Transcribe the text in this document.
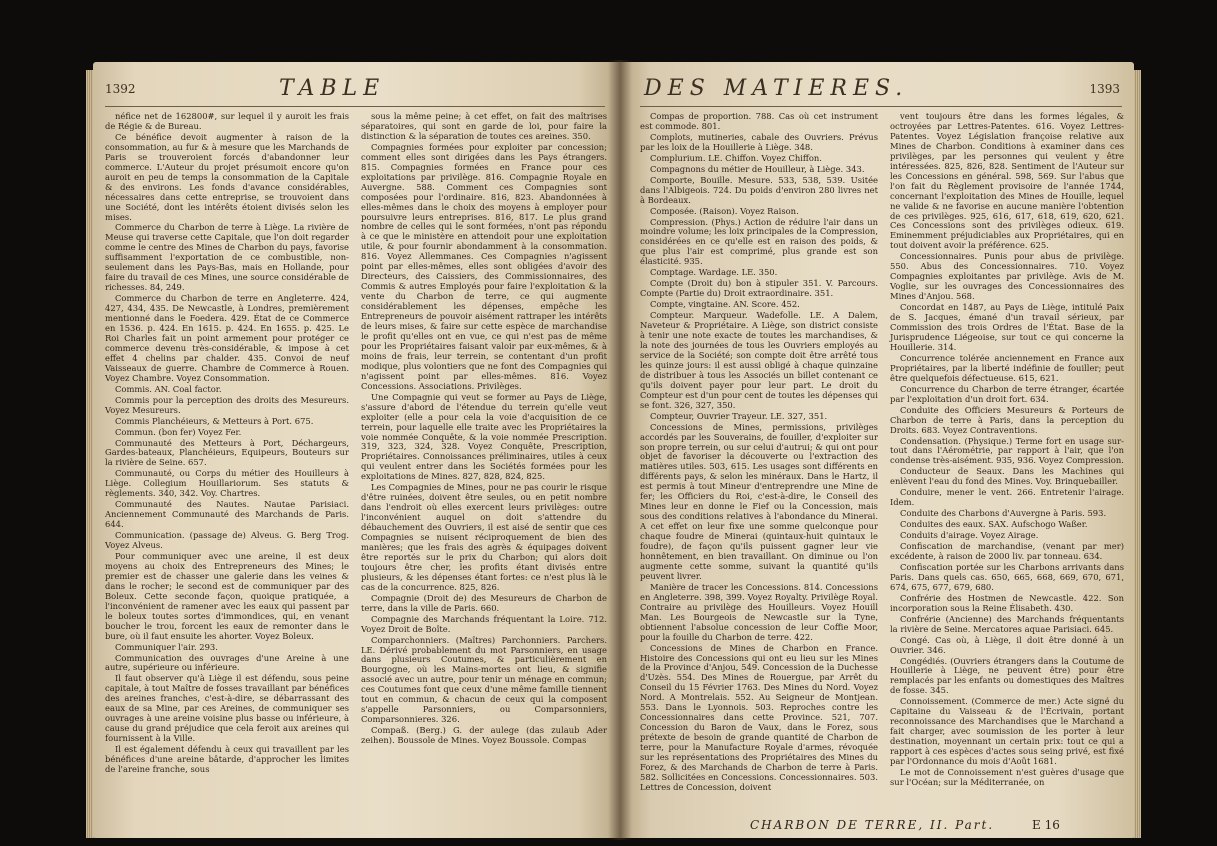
1392	TABLE

néfice net de 162800#, sur lequel il y auroit les frais de Régie & de Bureau.

Ce bénéfice devoit augmenter à raison de la consommation, au fur & à mesure que les Marchands de Paris se trouveroient forcés d'abandonner leur commerce. L'Auteur du projet présumoit encore qu'on auroit en peu de temps la consommation de la Capitale & des environs. Les fonds d'avance considérables, nécessaires dans cette entreprise, se trouvoient dans une Société, dont les intérêts étoient divisés selon les mises.

Commerce du Charbon de terre à Liège. La rivière de Meuse qui traverse cette Capitale, que l'on doit regarder comme le centre des Mines de Charbon du pays, favorise suffisamment l'exportation de ce combustible, non-seulement dans les Pays-Bas, mais en Hollande, pour faire du travail de ces Mines, une source considérable de richesses. 84, 249.

Commerce du Charbon de terre en Angleterre. 424, 427, 434, 435. De Newcastle, à Londres, premièrement mentionné dans le Foedera. 429. État de ce Commerce en 1536. p. 424. En 1615. p. 424. En 1655. p. 425. Le Roi Charles fait un point armement pour protéger ce commerce devenu très-considérable, & impose à cet effet 4 chelins par chalder. 435. Convoi de neuf Vaisseaux de guerre. Chambre de Commerce à Rouen. Voyez Chambre. Voyez Consommation.

Commis. AN. Coal factor.

Commis pour la perception des droits des Mesureurs. Voyez Mesureurs.

Commis Planchéieurs, & Metteurs à Port. 675.

Commun. (bon fer) Voyez Fer.

Communauté des Metteurs à Port, Déchargeurs, Gardes-bateaux, Planchéieurs, Equipeurs, Bouteurs sur la rivière de Seine. 657.

Communauté, ou Corps du métier des Houilleurs à Liège. Collegium Houillariorum. Ses statuts & règlements. 340, 342. Voy. Chartres.

Communauté des Nautes. Nautae Parisiaci. Anciennement Communauté des Marchands de Paris. 644.

Communication. (passage de) Alveus. G. Berg Trog. Voyez Alveus.

Pour communiquer avec une areine, il est deux moyens au choix des Entrepreneurs des Mines; le premier est de chasser une galerie dans les veines & dans le rocher; le second est de communiquer par des Boleux. Cette seconde façon, quoique pratiquée, a l'inconvénient de ramener avec les eaux qui passent par le boleux toutes sortes d'immondices, qui, en venant boucher le trou, forcent les eaux de remonter dans le bure, où il faut ensuite les ahorter. Voyez Boleux.

Communiquer l'air. 293.

Communication des ouvrages d'une Areine à une autre, supérieure ou inférieure.

Il faut observer qu'à Liège il est défendu, sous peine capitale, à tout Maître de fosses travaillant par bénéfices des areines franches, c'est-à-dire, se débarrassant des eaux de sa Mine, par ces Areines, de communiquer ses ouvrages à une areine voisine plus basse ou inférieure, à cause du grand préjudice que cela feroit aux areines qui fournissent à la Ville.

Il est également défendu à ceux qui travaillent par les bénéfices d'une areine bâtarde, d'approcher les limites de l'areine franche, sous

sous la même peine; à cet effet, on fait des maîtrises séparatoires, qui sont en garde de loi, pour faire la distinction & la séparation de toutes ces areines. 350.

Compagnies formées pour exploiter par concession; comment elles sont dirigées dans les Pays étrangers. 815. Compagnies formées en France pour ces exploitations par privilège. 816. Compagnie Royale en Auvergne. 588. Comment ces Compagnies sont composées pour l'ordinaire. 816, 823. Abandonnées à elles-mêmes dans le choix des moyens à employer pour poursuivre leurs entreprises. 816, 817. Le plus grand nombre de celles qui le sont formées, n'ont pas répondu à ce que le ministère en attendoit pour une exploitation utile, & pour fournir abondamment à la consommation. 816. Voyez Allemmanes. Ces Compagnies n'agissent point par elles-mêmes, elles sont obligées d'avoir des Directeurs, des Caissiers, des Commissionnaires, des Commis & autres Employés pour faire l'exploitation & la vente du Charbon de terre, ce qui augmente considérablement les dépenses, empêche les Entrepreneurs de pouvoir aisément rattraper les intérêts de leurs mises, & faire sur cette espèce de marchandise le profit qu'elles ont en vue, ce qui n'est pas de même pour les Propriétaires faisant valoir par eux-mêmes, & à moins de frais, leur terrein, se contentant d'un profit modique, plus volontiers que ne font des Compagnies qui n'agissent point par elles-mêmes. 816. Voyez Concessions. Associations. Privilèges.

Une Compagnie qui veut se former au Pays de Liège, s'assure d'abord de l'étendue du terrein qu'elle veut exploiter (elle a pour cela la voie d'acquisition de ce terrein, pour laquelle elle traite avec les Propriétaires la voie nommée Conquête, & la voie nommée Prescription. 319, 323, 324, 328. Voyez Conquête, Prescription, Propriétaires. Connoissances préliminaires, utiles à ceux qui veulent entrer dans les Sociétés formées pour les exploitations de Mines. 827, 828, 824, 825.

Les Compagnies de Mines, pour ne pas courir le risque d'être ruinées, doivent être seules, ou en petit nombre dans l'endroit où elles exercent leurs privilèges: outre l'inconvénient auquel on doit s'attendre du débauchement des Ouvriers, il est aisé de sentir que ces Compagnies se nuisent réciproquement de bien des manières; que les frais des agrès & équipages doivent être reportés sur le prix du Charbon; qui alors doit toujours être cher, les profits étant divisés entre plusieurs, & les dépenses étant fortes: ce n'est plus là le cas de la concurrence. 825, 826.

Compagnie (Droit de) des Mesureurs de Charbon de terre, dans la ville de Paris. 660.

Compagnie des Marchands fréquentant la Loire. 712. Voyez Droit de Boîte.

Comparchonniers. (Maîtres) Parchonniers. Parchers. LE. Dérivé probablement du mot Parsonniers, en usage dans plusieurs Coutumes, & particulièrement en Bourgogne, où les Mains-mortes ont lieu, & signifie associé avec un autre, pour tenir un ménage en commun; ces Coutumes font que ceux d'une même famille tiennent tout en commun, & chacun de ceux qui la composent s'appelle Parsonniers, ou Comparsonniers, Comparsonnieres. 326.

Compaß. (Berg.) G. der aulege (das zulaub Ader zeihen). Boussole de Mines. Voyez Boussole. Compas

DES MATIERES.	1393

Compas de proportion. 788. Cas où cet instrument est commode. 801.

Complots, mutineries, cabale des Ouvriers. Prévus par les loix de la Houillerie à Liège. 348.

Complurium. LE. Chiffon. Voyez Chiffon.

Compagnons du métier de Houilleur, à Liège. 343.

Comporte, Bouille. Mesure. 533, 538, 539. Usitée dans l'Albigeois. 724. Du poids d'environ 280 livres net à Bordeaux.

Composée. (Raison). Voyez Raison.

Compression. (Phys.) Action de réduire l'air dans un moindre volume; les loix principales de la Compression, considérées en ce qu'elle est en raison des poids, & que plus l'air est comprimé, plus grande est son élasticité. 935.

Comptage. Wardage. LE. 350.

Compte (Droit du) bon à stipuler 351. V. Parcours. Compte (Partie du) Droit extraordinaire. 351.

Compte, vingtaine. AN. Score. 452.

Compteur. Marqueur. Wadefolle. LE. A Dalem, Naveteur & Propriétaire. A Liège, son district consiste à tenir une note exacte de toutes les marchandises, & la note des journées de tous les Ouvriers employés au service de la Société; son compte doit être arrêté tous les quinze jours: il est aussi obligé à chaque quinzaine de distribuer à tous les Associés un billet contenant ce qu'ils doivent payer pour leur part. Le droit du Compteur est d'un pour cent de toutes les dépenses qui se font. 326, 327, 350.

Compteur, Ouvrier Trayeur. LE. 327, 351.

Concessions de Mines, permissions, privilèges accordés par les Souverains, de fouiller, d'exploiter sur son propre terrein, ou sur celui d'autrui; & qui ont pour objet de favoriser la découverte ou l'extraction des matières utiles. 503, 615. Les usages sont différents en différents pays, & selon les minéraux. Dans le Hartz, il est permis à tout Mineur d'entreprendre une Mine de fer; les Officiers du Roi, c'est-à-dire, le Conseil des Mines leur en donne le Fief ou la Concession, mais sous des conditions relatives à l'abondance du Minerai. A cet effet on leur fixe une somme quelconque pour chaque foudre de Minerai (quintaux-huit quintaux le foudre), de façon qu'ils puissent gagner leur vie honnêtement, en bien travaillant. On diminue ou l'on augmente cette somme, suivant la quantité qu'ils peuvent livrer.

Manière de tracer les Concessions. 814. Concessions en Angleterre. 398, 399. Voyez Royalty. Privilège Royal. Contraire au privilège des Houilleurs. Voyez Houill Man. Les Bourgeois de Newcastle sur la Tyne, obtiennent l'absolue concession de leur Coffie Moor, pour la fouille du Charbon de terre. 422.

Concessions de Mines de Charbon en France. Histoire des Concessions qui ont eu lieu sur les Mines de la Province d'Anjou, 549. Concession de la Duchesse d'Uzès. 554. Des Mines de Rouergue, par Arrêt du Conseil du 15 Février 1763. Des Mines du Nord. Voyez Nord. A Montrelais. 552. Au Seigneur de Montjean. 553. Dans le Lyonnois. 503. Reproches contre les Concessionnaires dans cette Province. 521, 707. Concession du Baron de Vaux, dans le Forez, sous prétexte de besoin de grande quantité de Charbon de terre, pour la Manufacture Royale d'armes, révoquée sur les représentations des Propriétaires des Mines du Forez, & des Marchands de Charbon de terre à Paris. 582. Sollicitées en Concessions. Concessionnaires. 503. Lettres de Concession, doivent

vent toujours être dans les formes légales, & octroyées par Lettres-Patentes. 616. Voyez Lettres-Patentes. Voyez Législation françoise relative aux Mines de Charbon. Conditions à examiner dans ces privilèges, par les personnes qui veulent y être intéressées. 825, 826, 828. Sentiment de l'Auteur sur les Concessions en général. 598, 569. Sur l'abus que l'on fait du Règlement provisoire de l'année 1744, concernant l'exploitation des Mines de Houille, lequel ne valide & ne favorise en aucune manière l'obtention de ces privilèges. 925, 616, 617, 618, 619, 620, 621. Ces Concessions sont des privilèges odieux. 619. Eminemment préjudiciables aux Propriétaires, qui en tout doivent avoir la préférence. 625.

Concessionnaires. Punis pour abus de privilège. 550. Abus des Concessionnaires. 710. Voyez Compagnies exploitantes par privilège. Avis de M. Voglie, sur les ouvrages des Concessionnaires des Mines d'Anjou. 568.

Concordat en 1487, au Pays de Liège, intitulé Paix de S. Jacques, émané d'un travail sérieux, par Commission des trois Ordres de l'État. Base de la Jurisprudence Liégeoise, sur tout ce qui concerne la Houillerie. 314.

Concurrence tolérée anciennement en France aux Propriétaires, par la liberté indéfinie de fouiller; peut être quelquefois défectueuse. 615, 621.

Concurrence du Charbon de terre étranger, écartée par l'exploitation d'un droit fort. 634.

Conduite des Officiers Mesureurs & Porteurs de Charbon de terre à Paris, dans la perception du Droits. 683. Voyez Contraventions.

Condensation. (Physique.) Terme fort en usage sur-tout dans l'Aérométrie, par rapport à l'air, que l'on condense très-aisément. 935, 936. Voyez Compression.

Conducteur de Seaux. Dans les Machines qui enlèvent l'eau du fond des Mines. Voy. Brinquebailler.

Conduire, mener le vent. 266. Entretenir l'airage. Idem.

Conduite des Charbons d'Auvergne à Paris. 593.

Conduites des eaux. SAX. Aufschogo Waßer.

Conduits d'airage. Voyez Airage.

Confiscation de marchandise, (venant par mer) excédente, à raison de 2000 liv. par tonneau. 634.

Confiscation portée sur les Charbons arrivants dans Paris. Dans quels cas. 650, 665, 668, 669, 670, 671, 674, 675, 677, 679, 680.

Confrérie des Hostmen de Newcastle. 422. Son incorporation sous la Reine Élisabeth. 430.

Confrérie (Ancienne) des Marchands fréquentants la rivière de Seine. Mercatores aquae Parisiaci. 645.

Congé. Cas où, à Liège, il doit être donné à un Ouvrier. 346.

Congédiés. (Ouvriers étrangers dans la Coutume de Houillerie à Liège, ne peuvent être) pour être remplacés par les enfants ou domestiques des Maîtres de fosse. 345.

Connoissement. (Commerce de mer.) Acte signé du Capitaine du Vaisseau & de l'Écrivain, portant reconnoissance des Marchandises que le Marchand a fait charger, avec soumission de les porter à leur destination, moyennant un certain prix: tout ce qui a rapport à ces espèces d'actes sous seing privé, est fixé par l'Ordonnance du mois d'Août 1681.

Le mot de Connoissement n'est guères d'usage que sur l'Océan; sur la Méditerranée, on

CHARBON DE TERRE, II. Part.	E 16
